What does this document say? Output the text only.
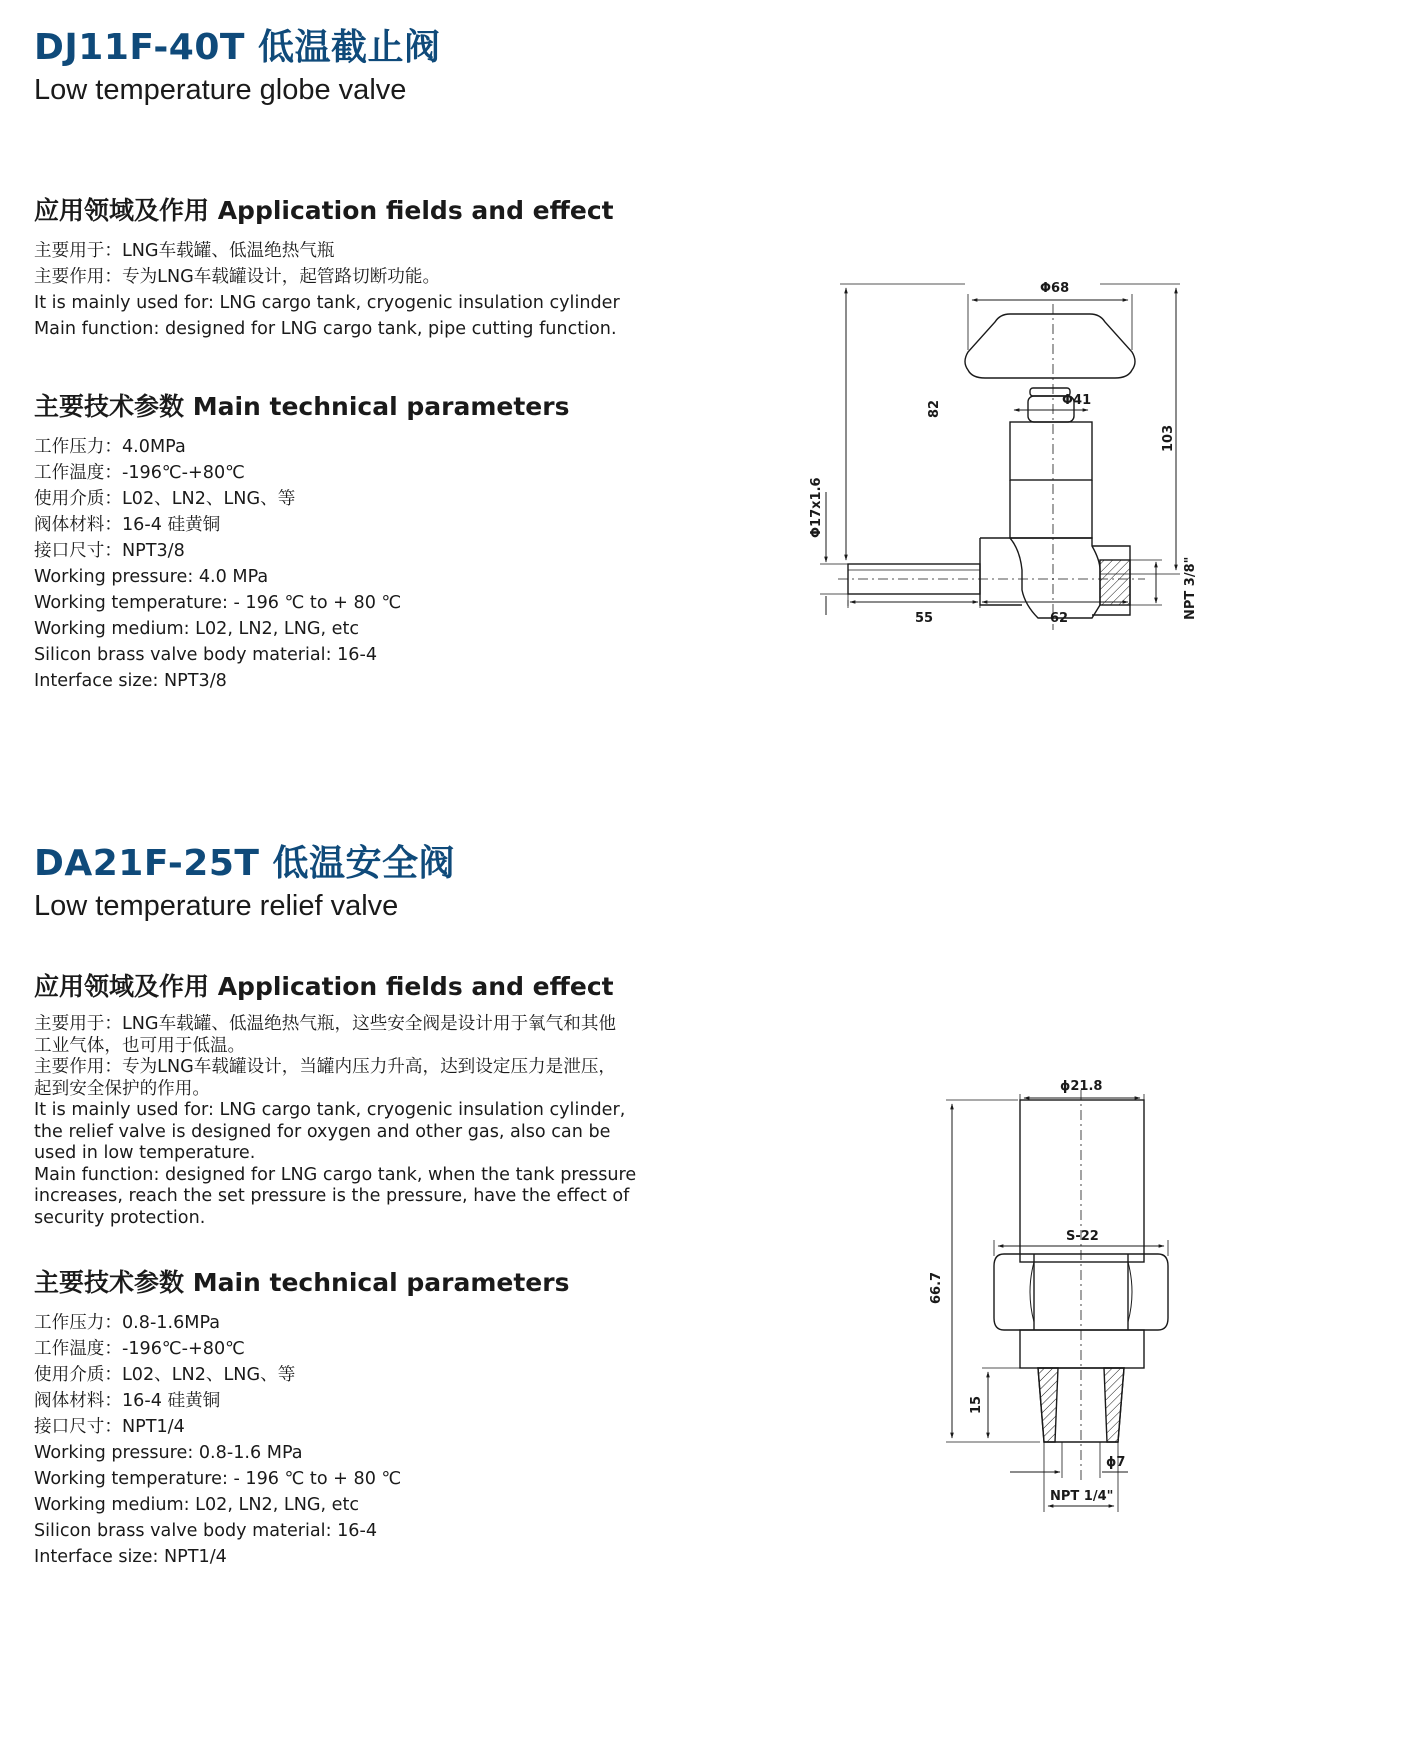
DJ11F-40T 低温截止阀
Low temperature globe valve
应用领域及作用 Application fields and effect
主要用于：LNG车载罐、低温绝热气瓶
主要作用：专为LNG车载罐设计，起管路切断功能。
It is mainly used for: LNG cargo tank, cryogenic insulation cylinder
Main function: designed for LNG cargo tank, pipe cutting function.
主要技术参数 Main technical parameters
工作压力：4.0MPa
工作温度：-196℃-+80℃
使用介质：L02、LN2、LNG、等
阀体材料：16-4 硅黄铜
接口尺寸：NPT3/8
Working pressure: 4.0 MPa
Working temperature: - 196 ℃ to + 80 ℃
Working medium: L02, LN2, LNG, etc
Silicon brass valve body material: 16-4
Interface size: NPT3/8
Φ68
Φ41
82
103
Φ17x1.6
NPT 3/8"
55	62
DA21F-25T 低温安全阀
Low temperature relief valve
应用领域及作用 Application fields and effect
主要用于：LNG车载罐、低温绝热气瓶，这些安全阀是设计用于氧气和其他
工业气体，也可用于低温。
主要作用：专为LNG车载罐设计，当罐内压力升高，达到设定压力是泄压，
起到安全保护的作用。
It is mainly used for: LNG cargo tank, cryogenic insulation cylinder,
the relief valve is designed for oxygen and other gas, also can be
used in low temperature.
Main function: designed for LNG cargo tank, when the tank pressure
increases, reach the set pressure is the pressure, have the effect of
security protection.
主要技术参数 Main technical parameters
工作压力：0.8-1.6MPa
工作温度：-196℃-+80℃
使用介质：L02、LN2、LNG、等
阀体材料：16-4 硅黄铜
接口尺寸：NPT1/4
Working pressure: 0.8-1.6 MPa
Working temperature: - 196 ℃ to + 80 ℃
Working medium: L02, LN2, LNG, etc
Silicon brass valve body material: 16-4
Interface size: NPT1/4
ϕ21.8
S-22
66.7
15
ϕ7
NPT 1/4"
